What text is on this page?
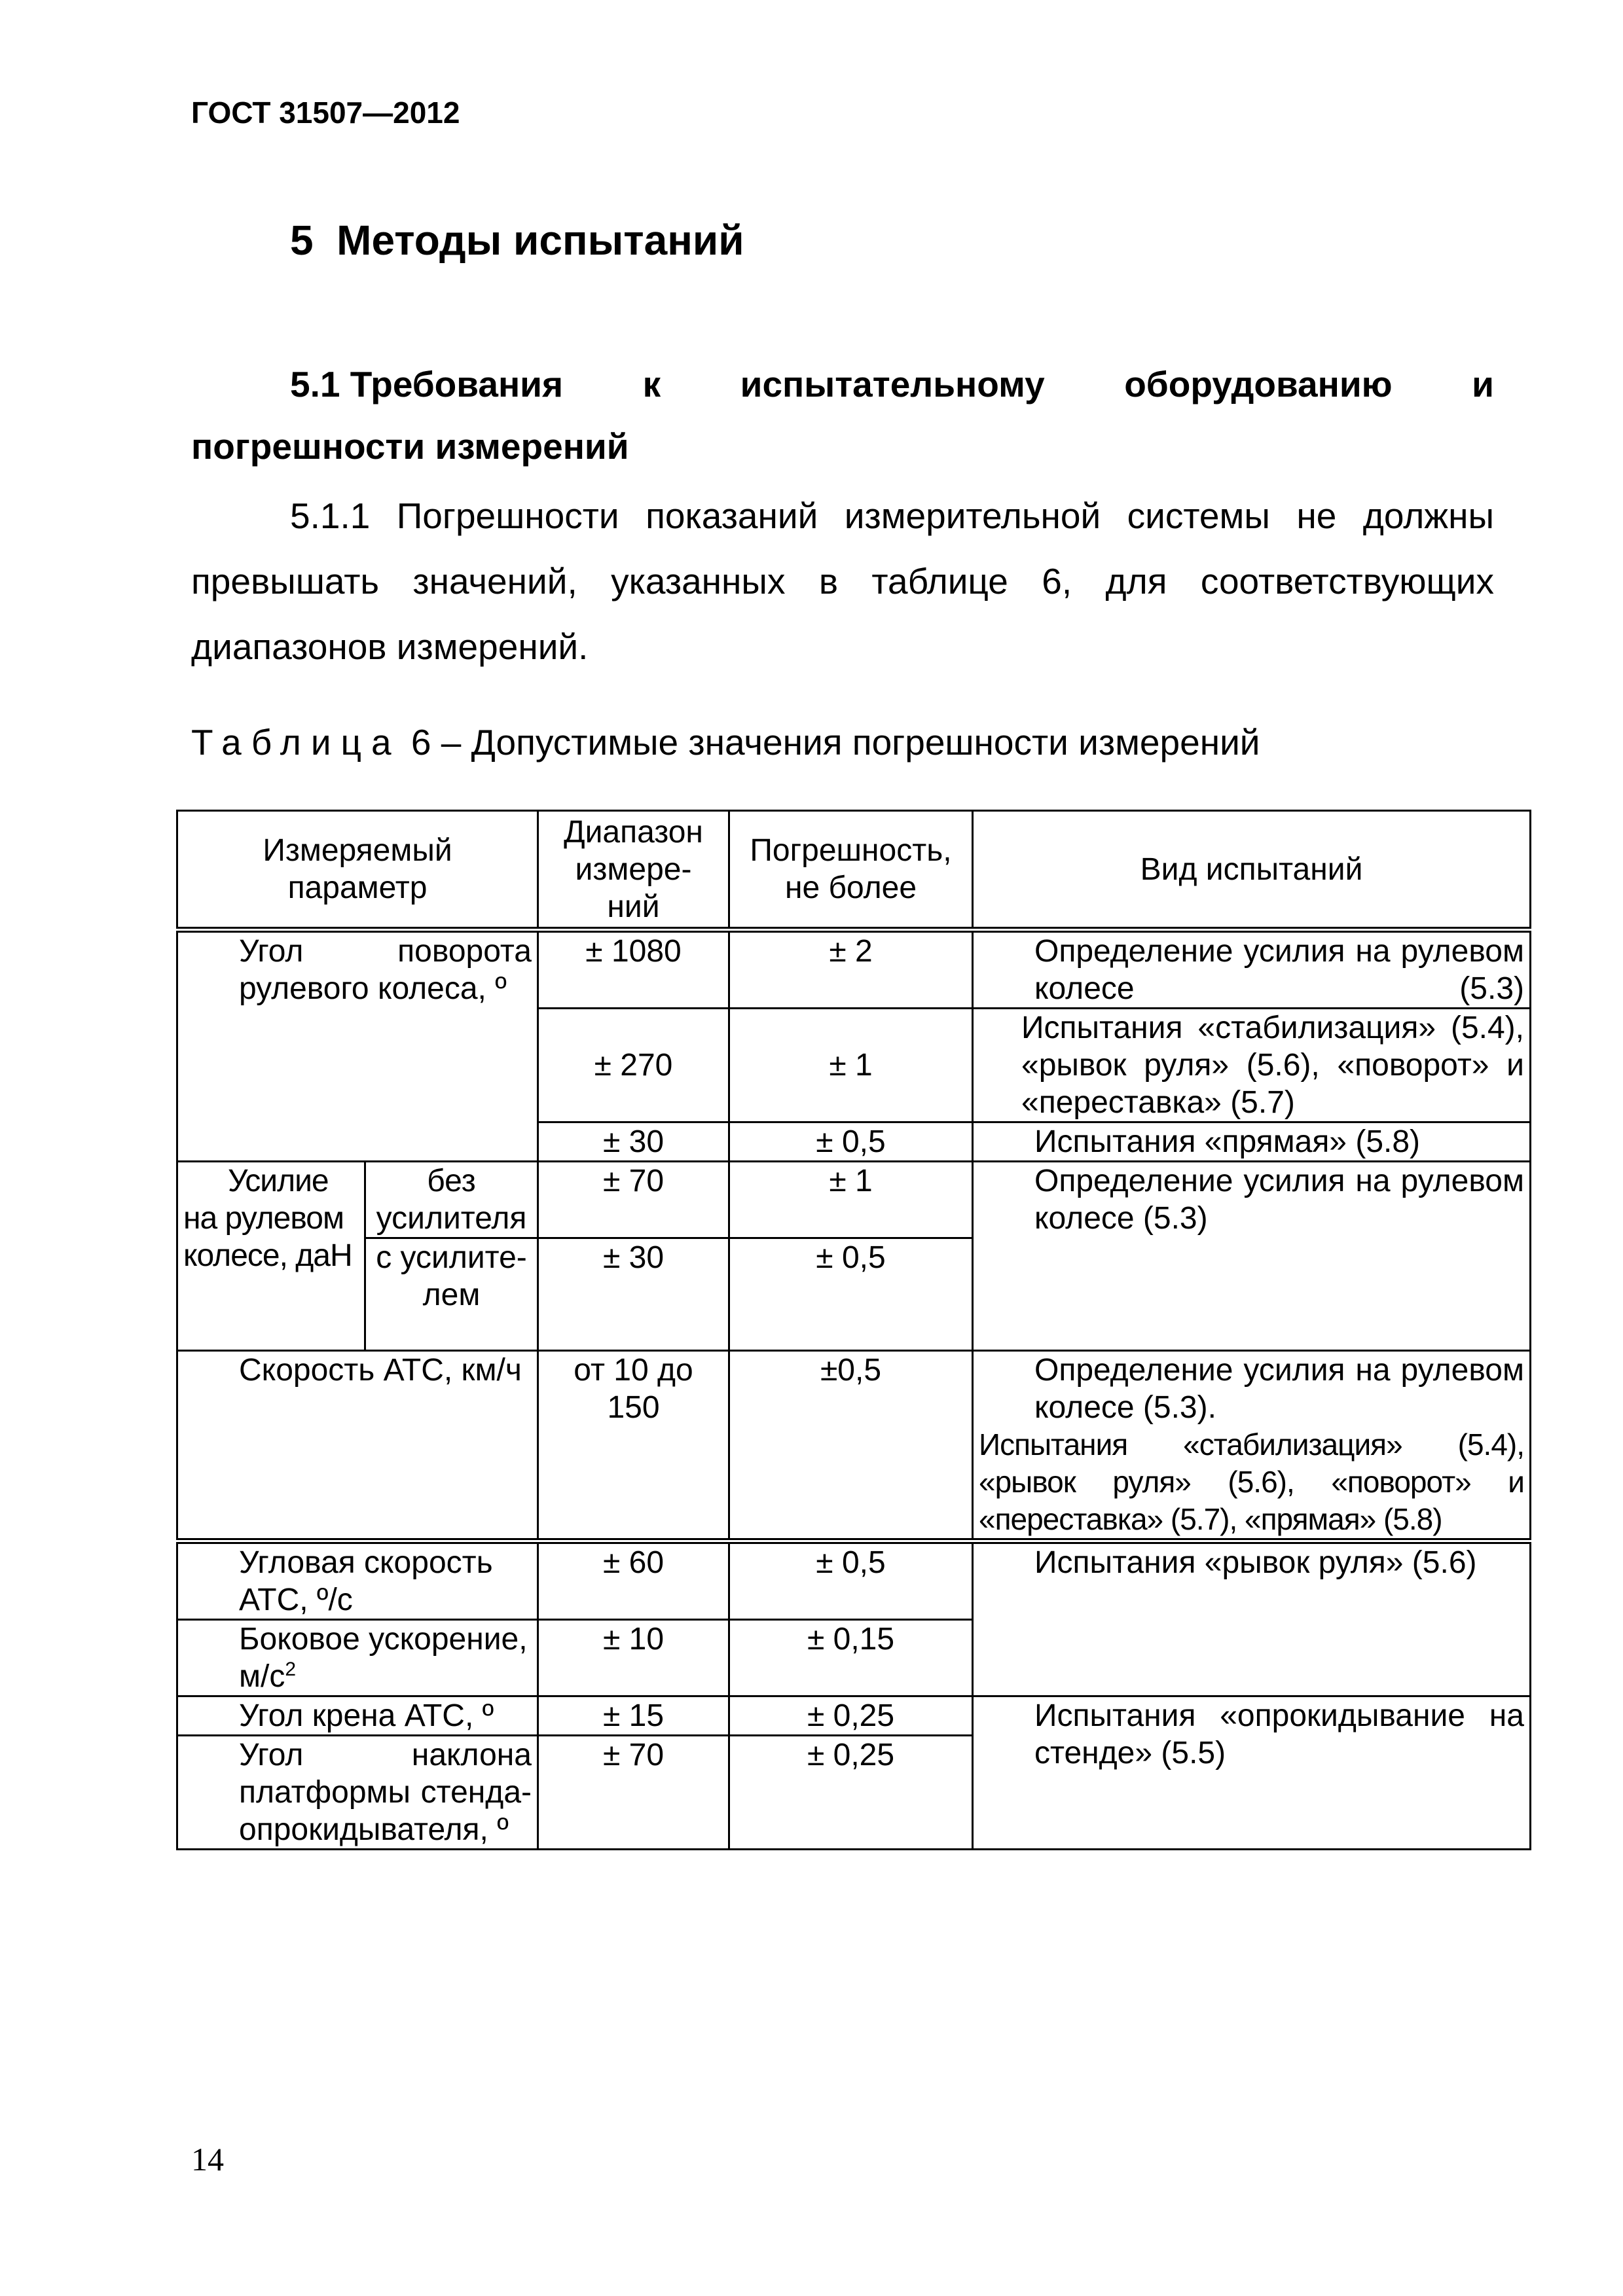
ГОСТ 31507—2012
5  Методы испытаний
5.1 Требования к испытательному оборудованию и
погрешности измерений
5.1.1 Погрешности показаний измерительной системы не должны
превышать значений, указанных в таблице 6, для соответствующих
диапазонов измерений.
Таблица 6 – Допустимые значения погрешности измерений
Измеряемый параметр		Диапазон измере-ний	Погрешность, не более	Вид испытаний

Угол поворота рулевого колеса, º		± 1080	± 2	Определение усилия на рулевом колесе (5.3)

		± 270	± 1	Испытания «стабилизация» (5.4), «рывок руля» (5.6), «поворот» и «переставка» (5.7)

		± 30	± 0,5	Испытания «прямая» (5.8)

Усилие на рулевом колесе, даН	без усилителя	± 70	± 1	Определение усилия на рулевом колесе (5.3)

	с усилите-лем	± 30	± 0,5	

Скорость АТС, км/ч		от 10 до 150	±0,5	Определение усилия на рулевом колесе (5.3).
Испытания «стабилизация» (5.4), «рывок руля» (5.6), «поворот» и «переставка» (5.7), «прямая» (5.8)

Угловая скорость АТС, º/с		± 60	± 0,5	Испытания «рывок руля» (5.6)

Боковое ускорение, $м/с^2$		± 10	± 0,15	

Угол крена АТС, º		± 15	± 0,25	Испытания «опрокидывание на стенде» (5.5)

Угол наклона платформы стенда-опрокидывателя, º		± 70	± 0,25	
14
